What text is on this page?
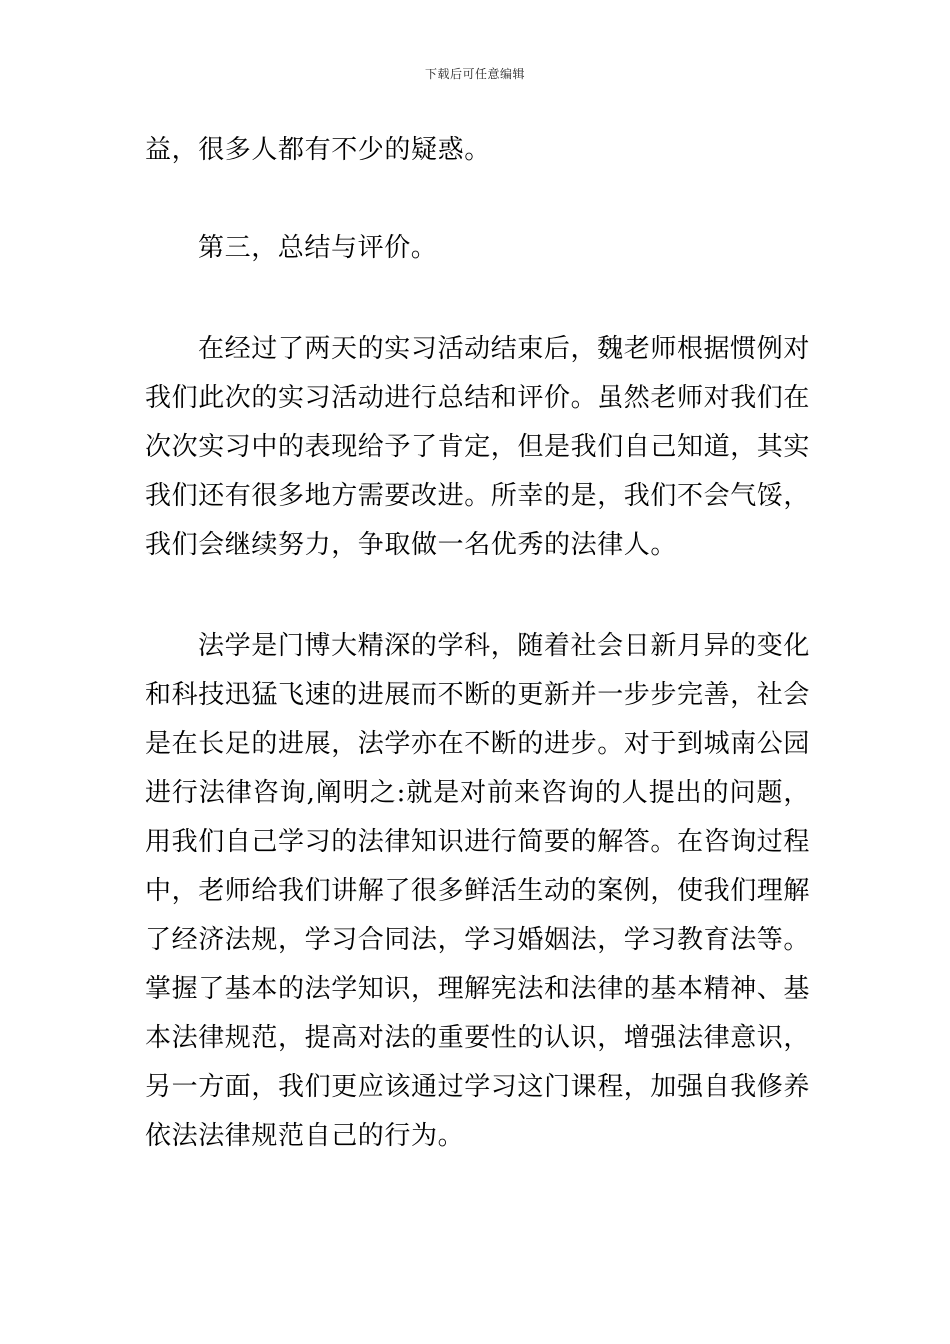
下载后可任意编辑

益，很多人都有不少的疑惑。

第三，总结与评价。

在经过了两天的实习活动结束后，魏老师根据惯例对我们此次的实习活动进行总结和评价。虽然老师对我们在次次实习中的表现给予了肯定，但是我们自己知道，其实我们还有很多地方需要改进。所幸的是，我们不会气馁，我们会继续努力，争取做一名优秀的法律人。

法学是门博大精深的学科，随着社会日新月异的变化和科技迅猛飞速的进展而不断的更新并一步步完善，社会是在长足的进展，法学亦在不断的进步。对于到城南公园进行法律咨询,阐明之:就是对前来咨询的人提出的问题，用我们自己学习的法律知识进行简要的解答。在咨询过程中，老师给我们讲解了很多鲜活生动的案例，使我们理解了经济法规，学习合同法，学习婚姻法，学习教育法等。掌握了基本的法学知识，理解宪法和法律的基本精神、基本法律规范，提高对法的重要性的认识，增强法律意识，另一方面，我们更应该通过学习这门课程，加强自我修养依法法律规范自己的行为。
